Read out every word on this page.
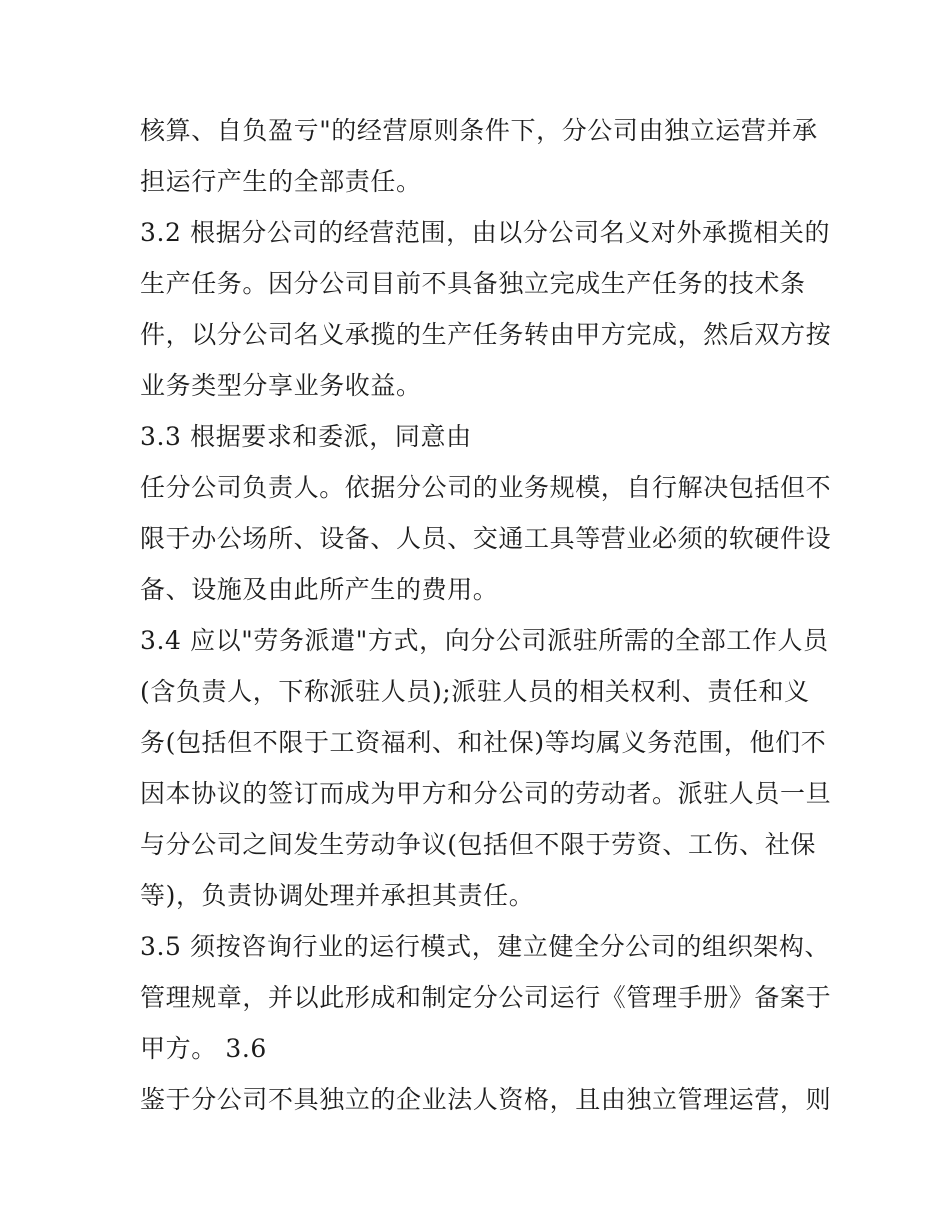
核算、自负盈亏"的经营原则条件下，分公司由独立运营并承
担运行产生的全部责任。
3.2 根据分公司的经营范围，由以分公司名义对外承揽相关的
生产任务。因分公司目前不具备独立完成生产任务的技术条
件，以分公司名义承揽的生产任务转由甲方完成，然后双方按
业务类型分享业务收益。
3.3 根据要求和委派，同意由
任分公司负责人。依据分公司的业务规模，自行解决包括但不
限于办公场所、设备、人员、交通工具等营业必须的软硬件设
备、设施及由此所产生的费用。
3.4 应以"劳务派遣"方式，向分公司派驻所需的全部工作人员
(含负责人，下称派驻人员);派驻人员的相关权利、责任和义
务(包括但不限于工资福利、和社保)等均属义务范围，他们不
因本协议的签订而成为甲方和分公司的劳动者。派驻人员一旦
与分公司之间发生劳动争议(包括但不限于劳资、工伤、社保
等)，负责协调处理并承担其责任。
3.5 须按咨询行业的运行模式，建立健全分公司的组织架构、
管理规章，并以此形成和制定分公司运行《管理手册》备案于
甲方。 3.6
鉴于分公司不具独立的企业法人资格，且由独立管理运营，则
